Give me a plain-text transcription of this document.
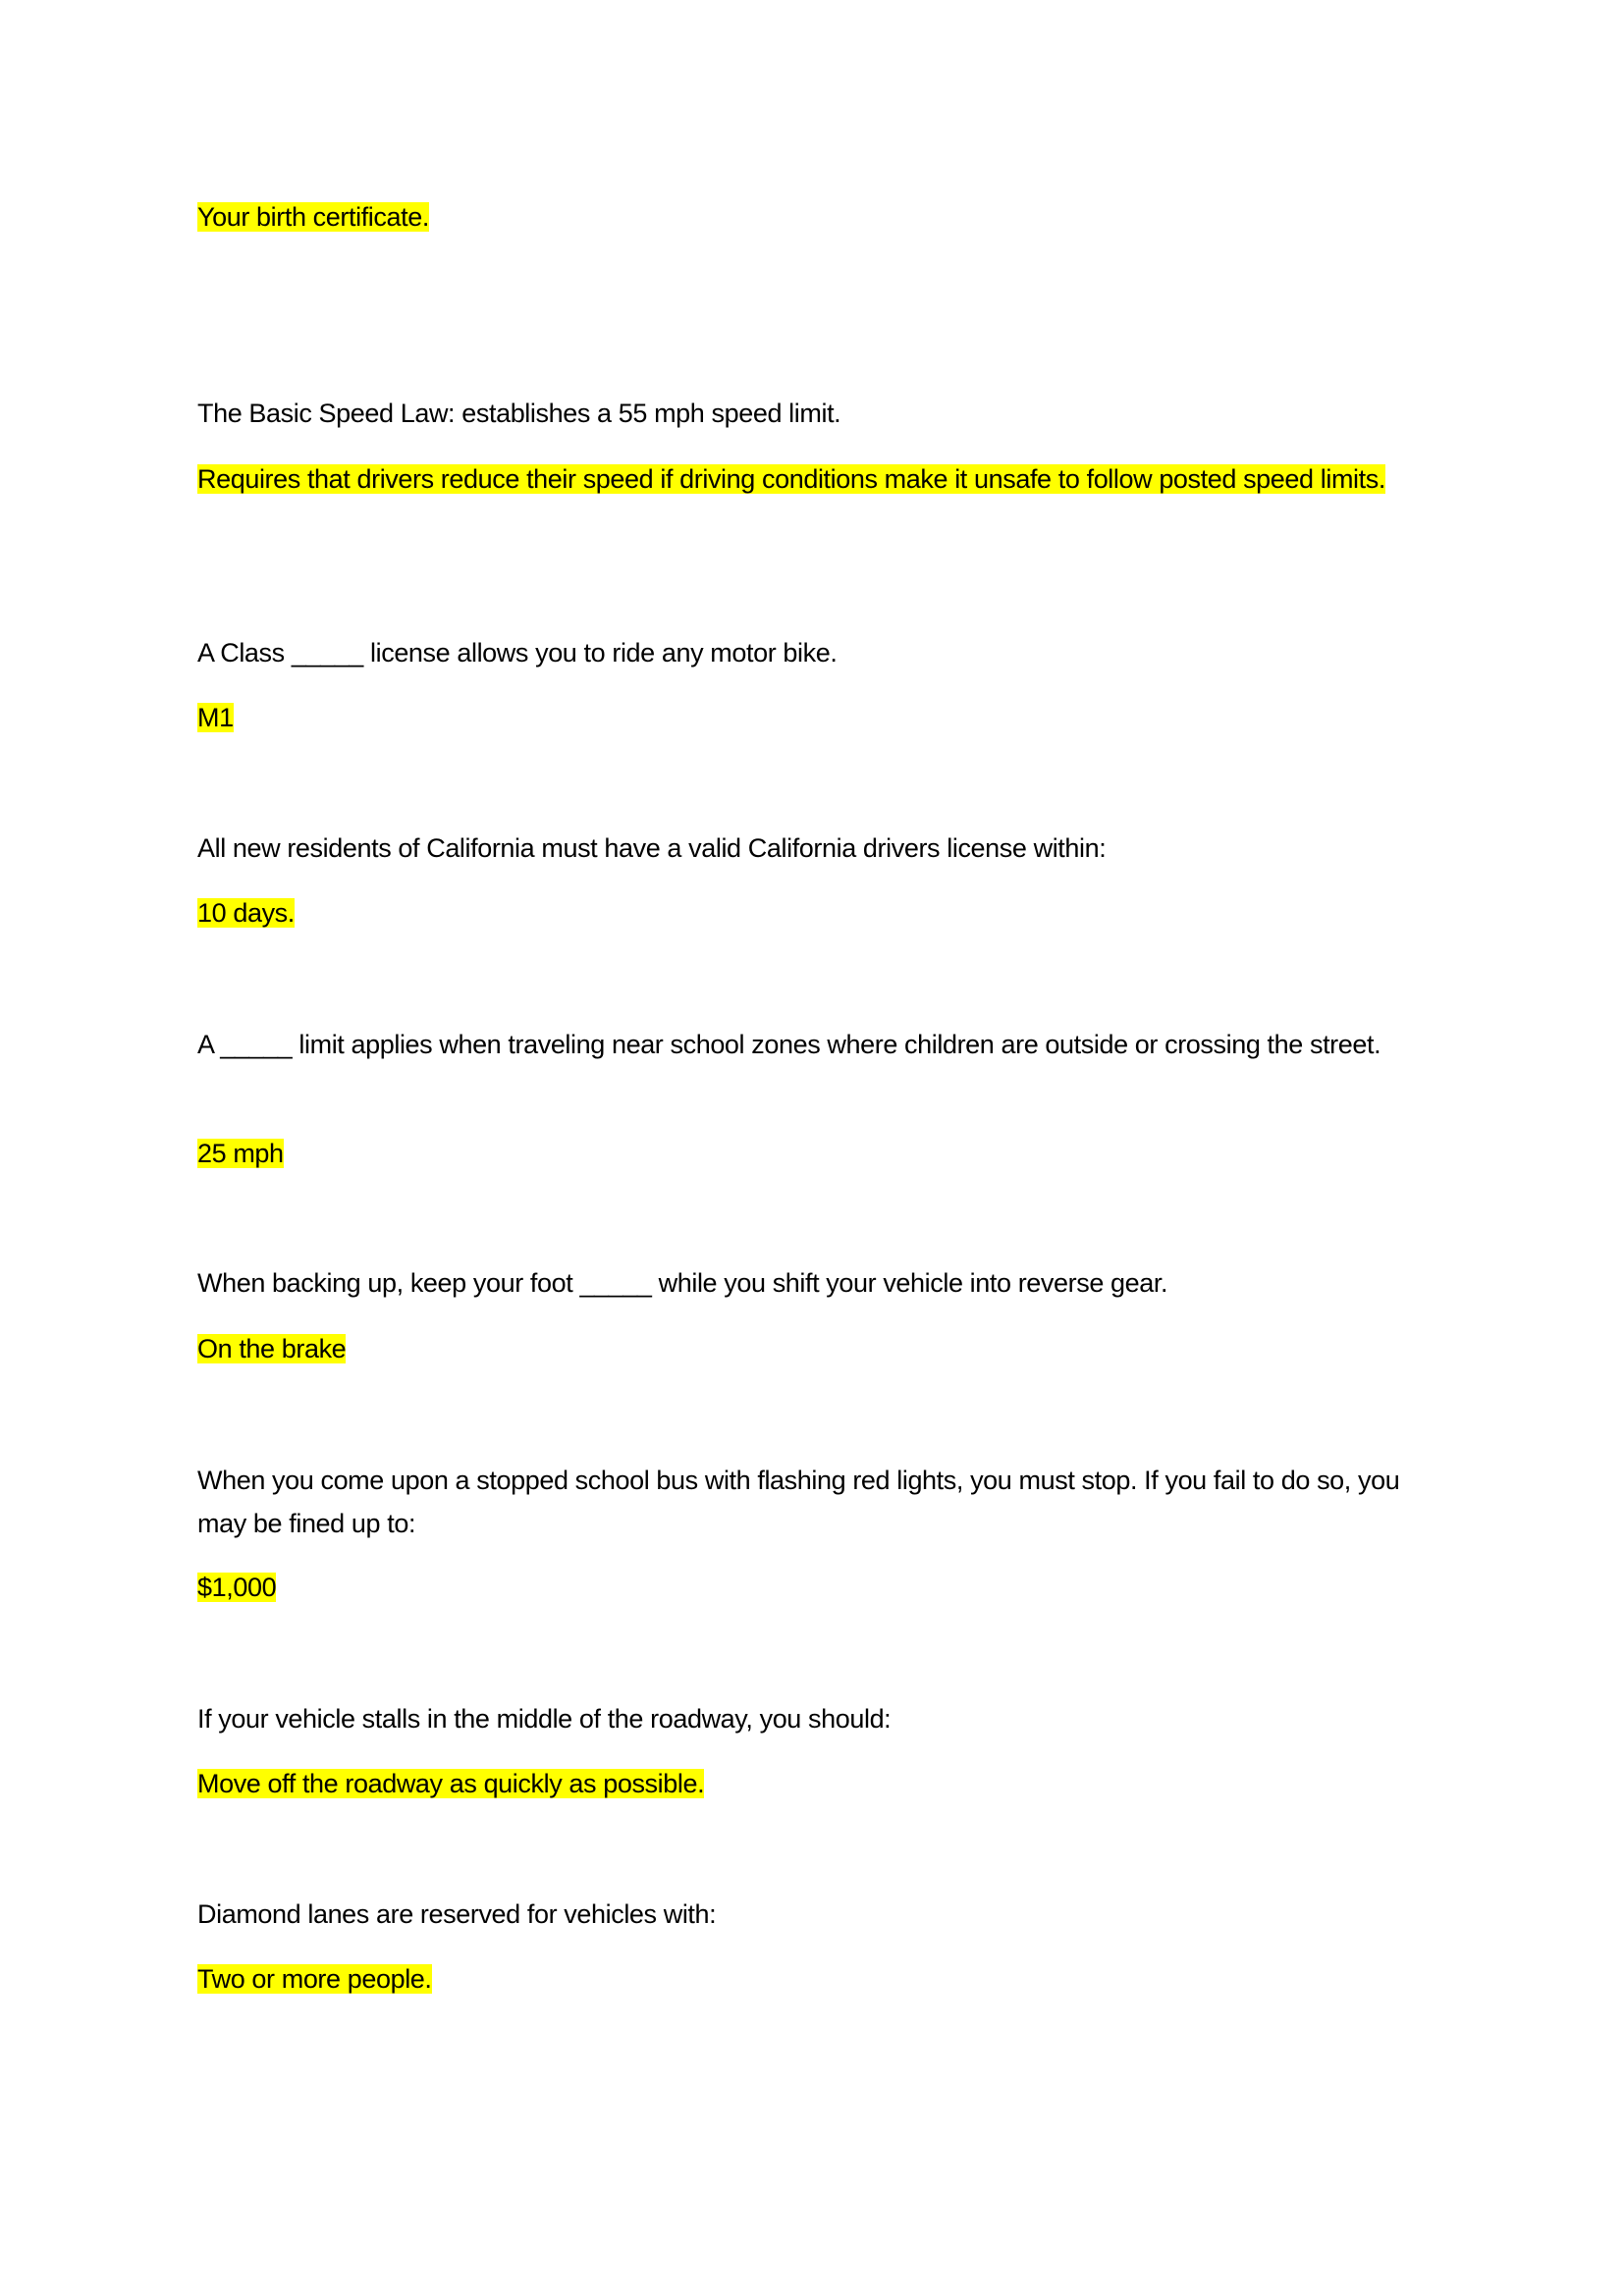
Your birth certificate.

The Basic Speed Law: establishes a 55 mph speed limit.

Requires that drivers reduce their speed if driving conditions make it unsafe to follow posted speed limits.

A Class _____ license allows you to ride any motor bike.

M1

All new residents of California must have a valid California drivers license within:

10 days.

A _____ limit applies when traveling near school zones where children are outside or crossing the street.

25 mph

When backing up, keep your foot _____ while you shift your vehicle into reverse gear.

On the brake

When you come upon a stopped school bus with flashing red lights, you must stop. If you fail to do so, you may be fined up to:

$1,000

If your vehicle stalls in the middle of the roadway, you should:

Move off the roadway as quickly as possible.

Diamond lanes are reserved for vehicles with:

Two or more people.
